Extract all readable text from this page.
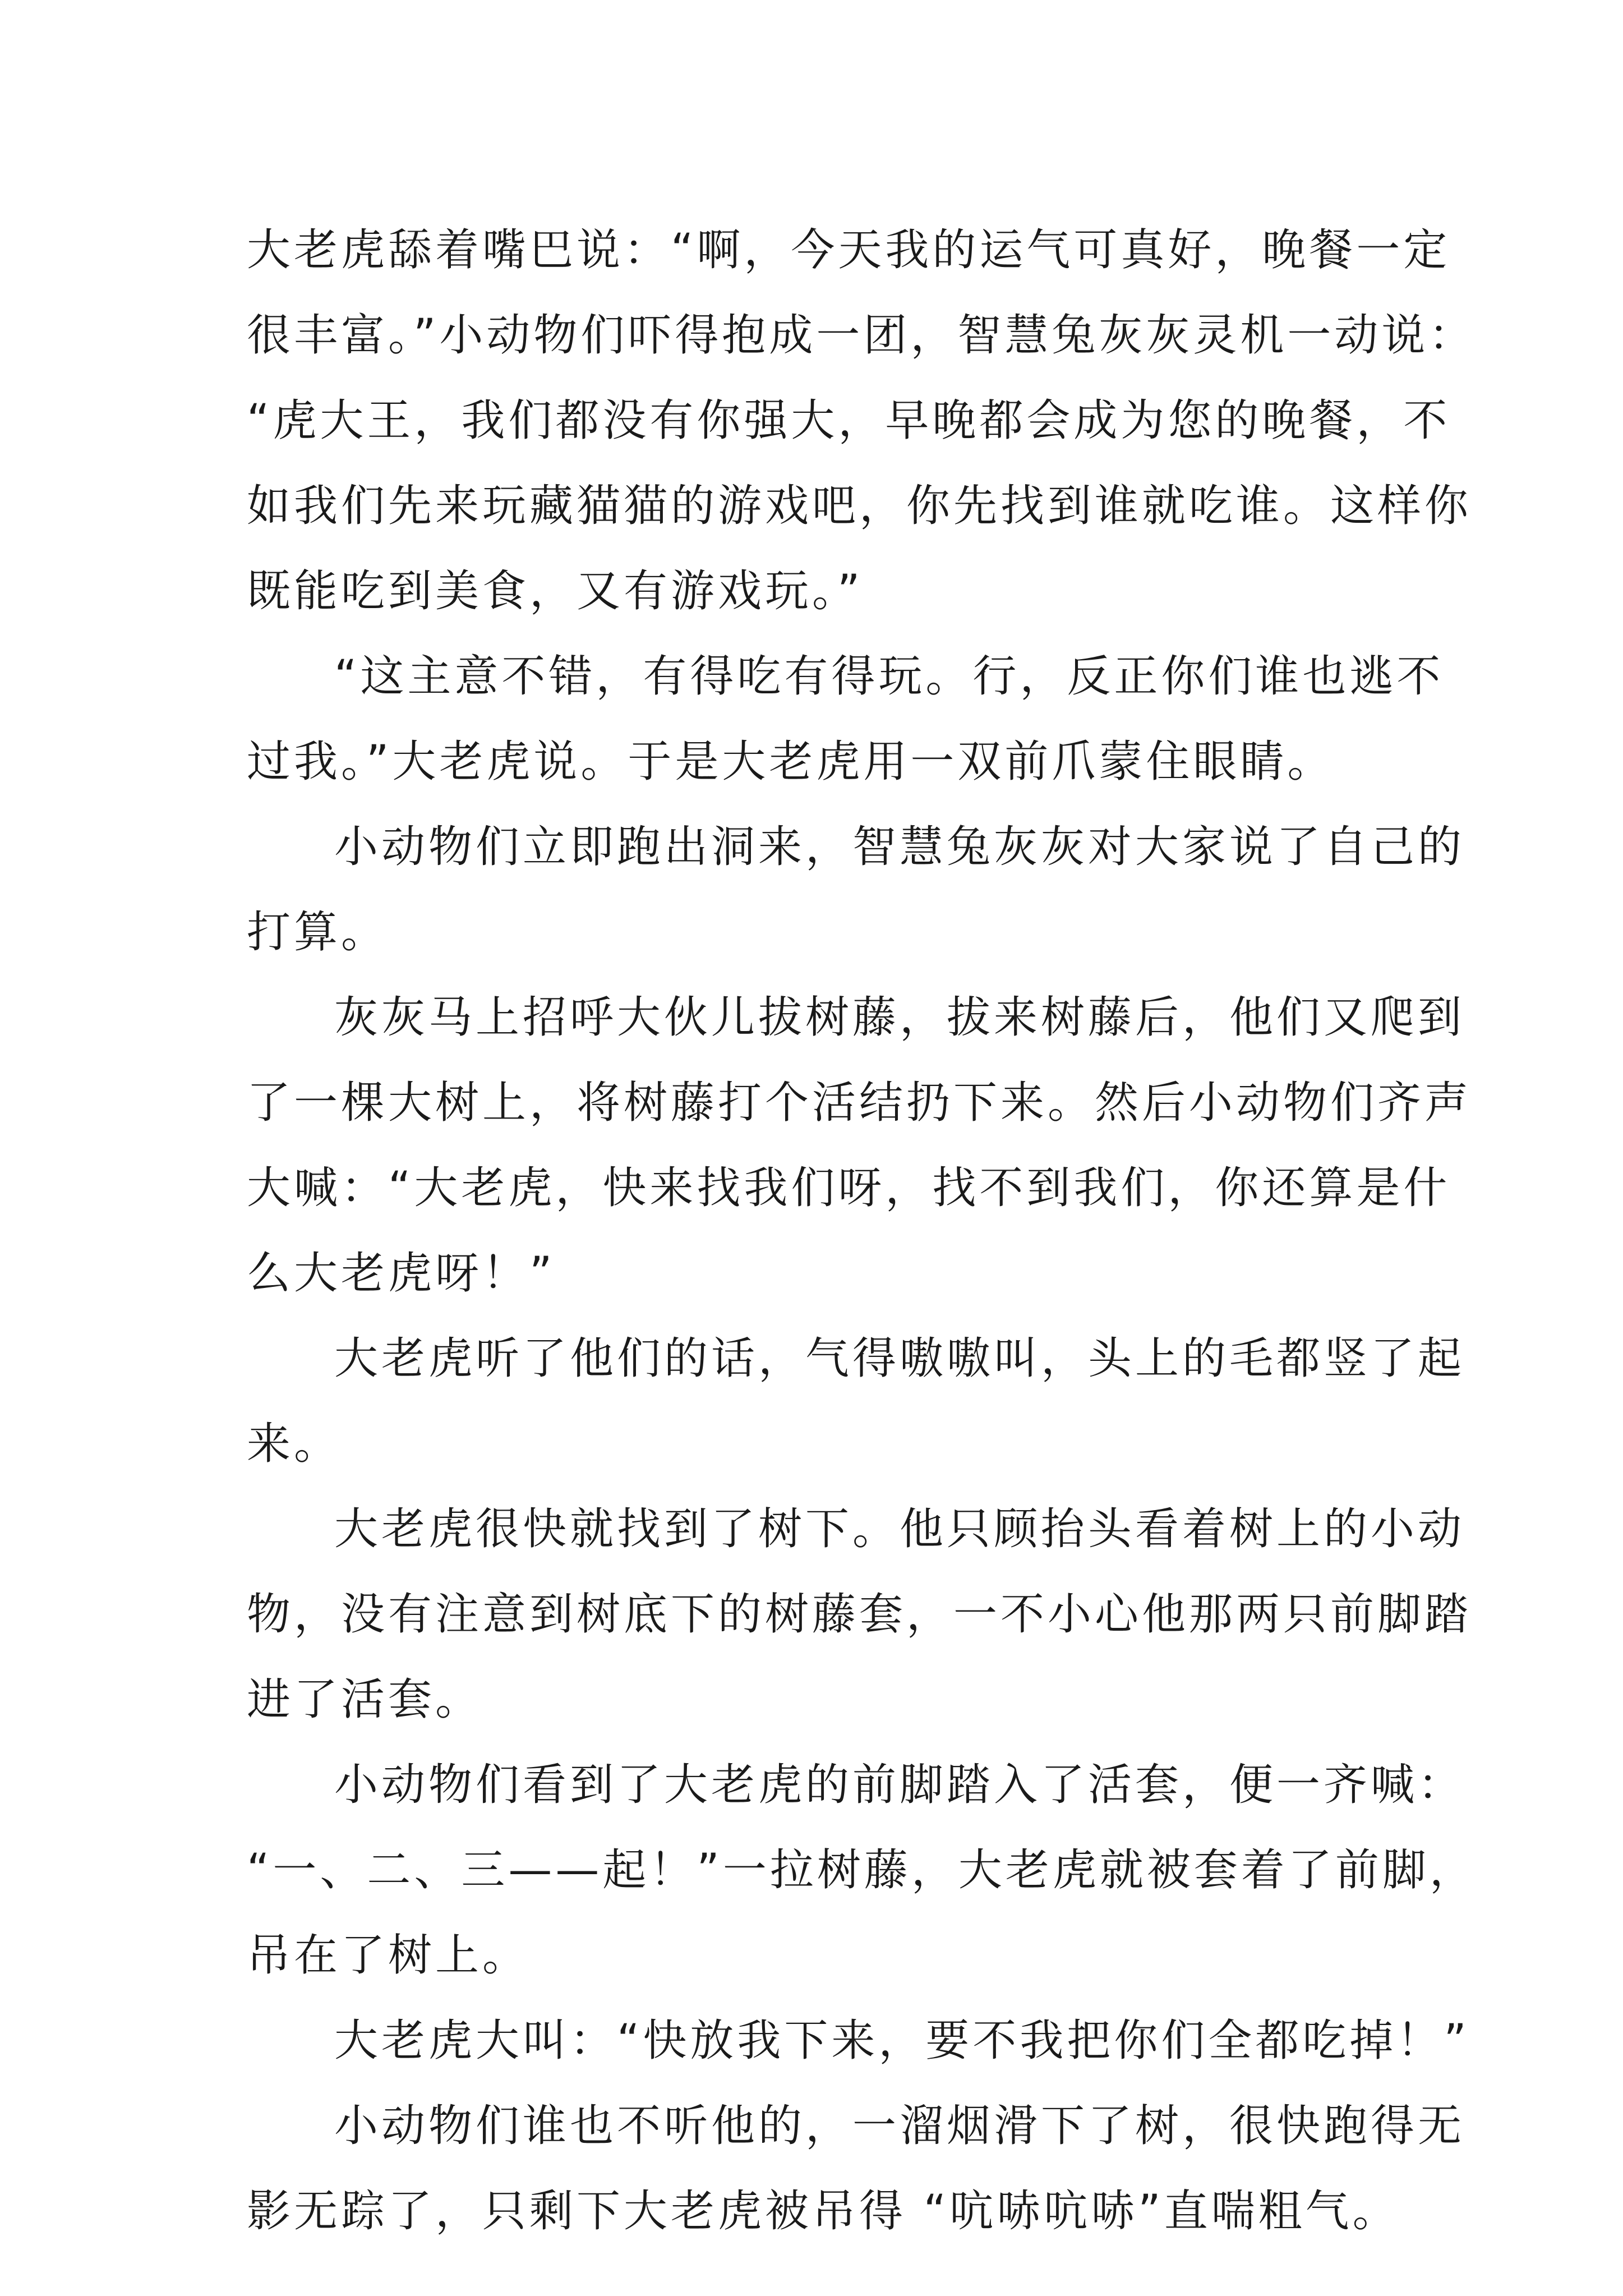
大老虎舔着嘴巴说：“啊，今天我的运气可真好，晚餐一定
很丰富。”小动物们吓得抱成一团，智慧兔灰灰灵机一动说：
“虎大王，我们都没有你强大，早晚都会成为您的晚餐，不
如我们先来玩藏猫猫的游戏吧，你先找到谁就吃谁。这样你
既能吃到美食，又有游戏玩。”
“这主意不错，有得吃有得玩。行，反正你们谁也逃不
过我。”大老虎说。于是大老虎用一双前爪蒙住眼睛。
小动物们立即跑出洞来，智慧兔灰灰对大家说了自己的
打算。
灰灰马上招呼大伙儿拔树藤，拔来树藤后，他们又爬到
了一棵大树上，将树藤打个活结扔下来。然后小动物们齐声
大喊：“大老虎，快来找我们呀，找不到我们，你还算是什
么大老虎呀！”
大老虎听了他们的话，气得嗷嗷叫，头上的毛都竖了起
来。
大老虎很快就找到了树下。他只顾抬头看着树上的小动
物，没有注意到树底下的树藤套，一不小心他那两只前脚踏
进了活套。
小动物们看到了大老虎的前脚踏入了活套，便一齐喊：
“一、二、三——起！”一拉树藤，大老虎就被套着了前脚，
吊在了树上。
大老虎大叫：“快放我下来，要不我把你们全都吃掉！”
小动物们谁也不听他的，一溜烟滑下了树，很快跑得无
影无踪了，只剩下大老虎被吊得 “吭哧吭哧”直喘粗气。
